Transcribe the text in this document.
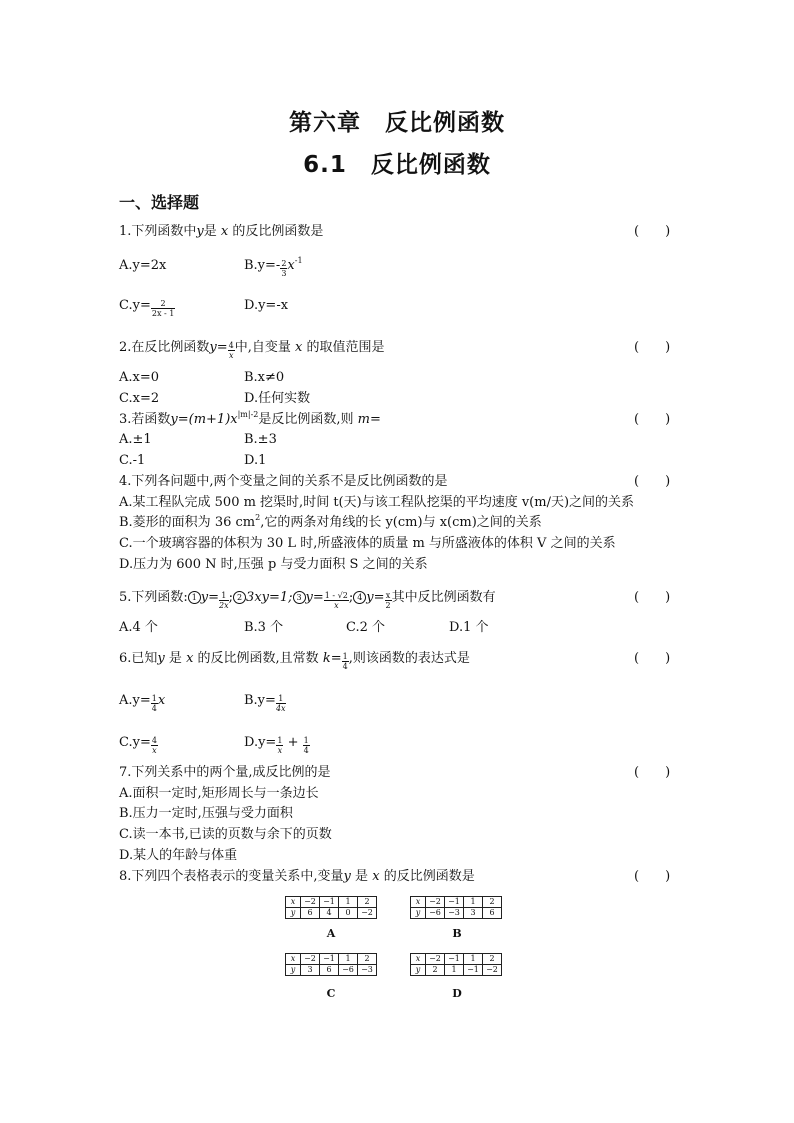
第六章　反比例函数
6.1　反比例函数
一、选择题
1.下列函数中y是 x 的反比例函数是	(　　)
A.y=2x	$B.y=- \frac{2}{3} x^{-1}$
$C.y= \frac{2}{2x - 1}$	D.y=-x
2.在反比例函数$y= \frac{4}{x}$中,自变量 x 的取值范围是	(　　)
A.x=0	B.x≠0
C.x=2	D.任何实数
3.若函数$y=(m+1)x^{|m|-2}$是反比例函数,则 m=	(　　)
A.±1	B.±3
C.-1	D.1
4.下列各问题中,两个变量之间的关系不是反比例函数的是	(　　)
A.某工程队完成 500 m 挖渠时,时间 t(天)与该工程队挖渠的平均速度 v(m/天)之间的关系
B.菱形的面积为 36 $cm^2$,它的两条对角线的长 y(cm)与 x(cm)之间的关系
C.一个玻璃容器的体积为 30 L 时,所盛液体的质量 m 与所盛液体的体积 V 之间的关系
D.压力为 600 N 时,压强 p 与受力面积 S 之间的关系
5.下列函数: 1 $y= \frac{1}{2x}$; 2 3xy=1; 3 $y= \frac{1 - √2}{x}$; 4 $y= \frac{x}{2}$ 其中反比例函数有	(　　)
A.4 个	B.3 个	C.2 个	D.1 个
6.已知y 是 x 的反比例函数,且常数 $k= \frac{1}{4}$ ,则该函数的表达式是	(　　)
$A.y= \frac{1}{4}$ x	$B.y= \frac{1}{4x}$
$C.y= \frac{4}{x}$	$D.y= \frac{1}{x} + \frac{1}{4}$
7.下列关系中的两个量,成反比例的是	(　　)
A.面积一定时,矩形周长与一条边长
B.压力一定时,压强与受力面积
C.读一本书,已读的页数与余下的页数
D.某人的年龄与体重
8.下列四个表格表示的变量关系中,变量y 是 x 的反比例函数是	(　　)
x	−2	−1	1	2
y	6	4	0	−2
A
x	−2	−1	1	2
y	−6	−3	3	6
B
x	−2	−1	1	2
y	3	6	−6	−3
C
x	−2	−1	1	2
y	2	1	−1	−2
D
